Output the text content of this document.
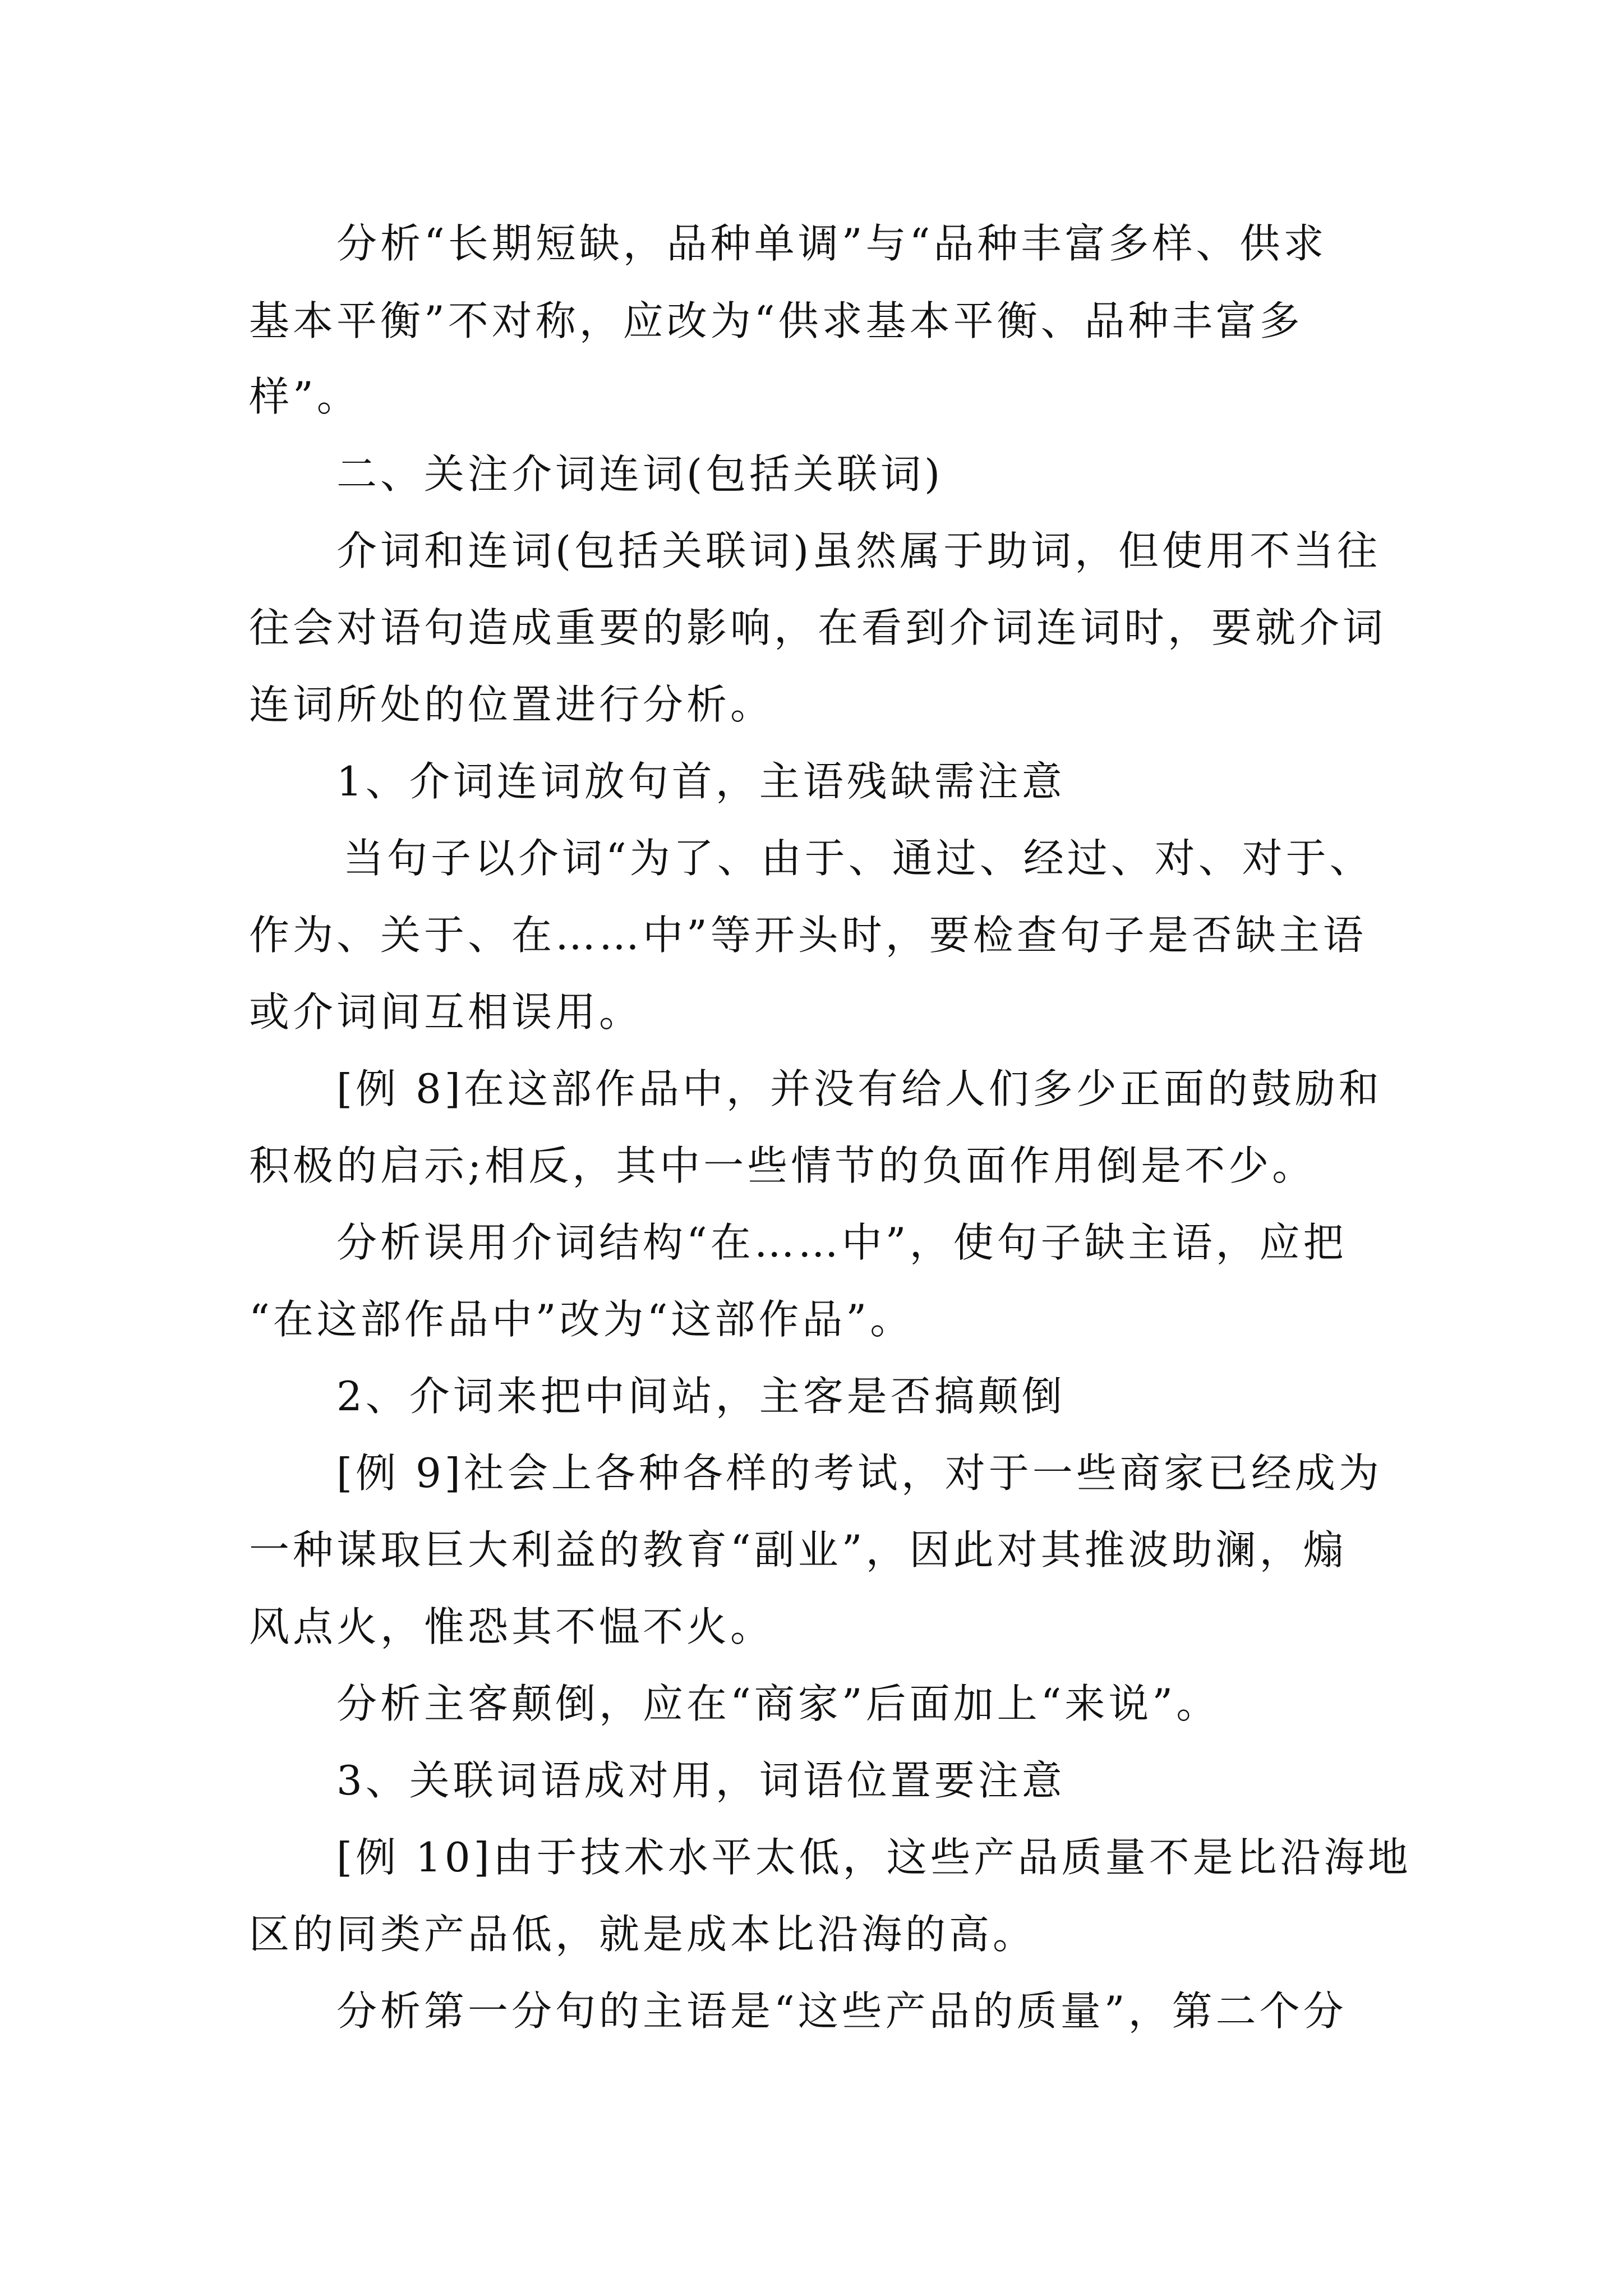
分析“长期短缺，品种单调”与“品种丰富多样、供求
基本平衡”不对称，应改为“供求基本平衡、品种丰富多
样”。
二、关注介词连词(包括关联词)
介词和连词(包括关联词)虽然属于助词，但使用不当往
往会对语句造成重要的影响，在看到介词连词时，要就介词
连词所处的位置进行分析。
1、介词连词放句首，主语残缺需注意
当句子以介词“为了、由于、通过、经过、对、对于、
作为、关于、在……中”等开头时，要检查句子是否缺主语
或介词间互相误用。
[例 8]在这部作品中，并没有给人们多少正面的鼓励和
积极的启示;相反，其中一些情节的负面作用倒是不少。
分析误用介词结构“在……中”，使句子缺主语，应把
“在这部作品中”改为“这部作品”。
2、介词来把中间站，主客是否搞颠倒
[例 9]社会上各种各样的考试，对于一些商家已经成为
一种谋取巨大利益的教育“副业”，因此对其推波助澜，煽
风点火，惟恐其不愠不火。
分析主客颠倒，应在“商家”后面加上“来说”。
3、关联词语成对用，词语位置要注意
[例 10]由于技术水平太低，这些产品质量不是比沿海地
区的同类产品低，就是成本比沿海的高。
分析第一分句的主语是“这些产品的质量”，第二个分
